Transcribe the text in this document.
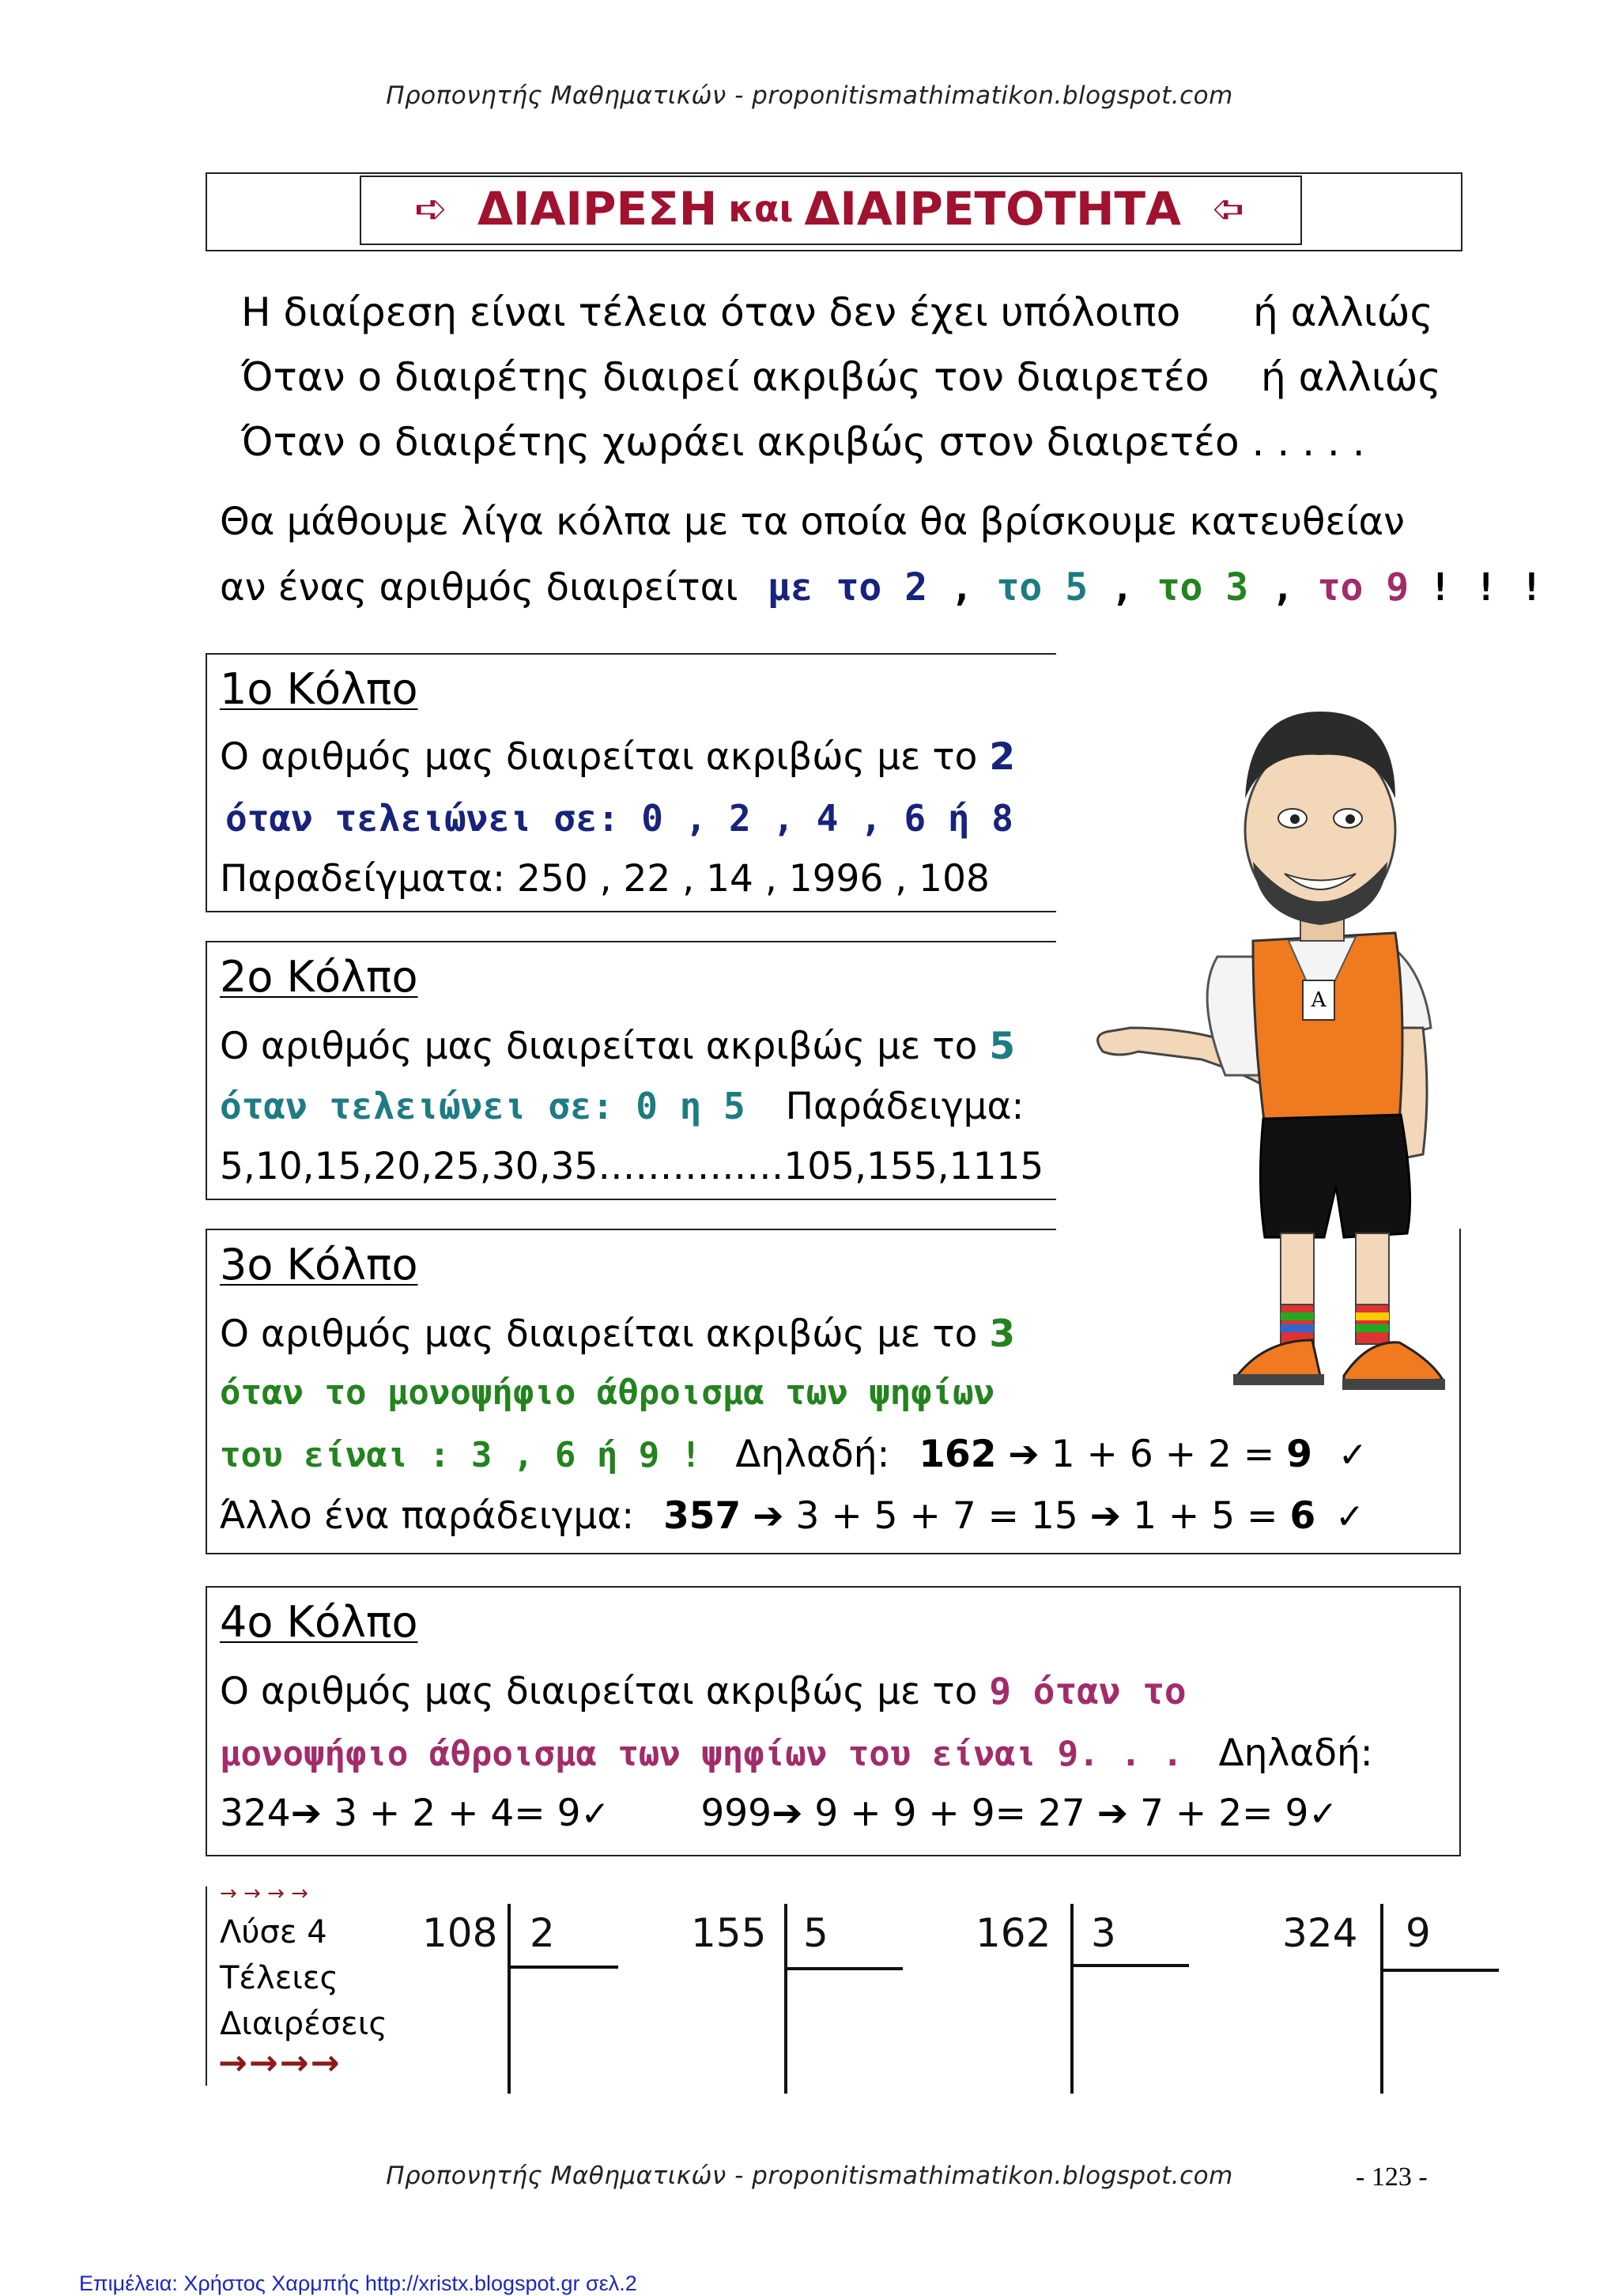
Προπονητής Μαθηματικών - proponitismathimatikon.blogspot.com
➪ ΔΙΑΙΡΕΣΗ και ΔΙΑΙΡΕΤΟΤΗΤΑ ➪
Η διαίρεση είναι τέλεια όταν δεν έχει υπόλοιπο ή αλλιώς
Όταν ο διαιρέτης διαιρεί ακριβώς τον διαιρετέο ή αλλιώς
Όταν ο διαιρέτης χωράει ακριβώς στον διαιρετέο . . . . .
Θα μάθουμε λίγα κόλπα με τα οποία θα βρίσκουμε κατευθείαν
αν ένας αριθμός διαιρείται με το 2 , το 5 , το 3 , το 9 ! ! !
1ο Κόλπο
Ο αριθμός μας διαιρείται ακριβώς με το 2
όταν τελειώνει σε: 0 , 2 , 4 , 6 ή 8
Παραδείγματα: 250 , 22 , 14 , 1996 , 108
2ο Κόλπο
Ο αριθμός μας διαιρείται ακριβώς με το 5
όταν τελειώνει σε: 0 η 5 Παράδειγμα:
5,10,15,20,25,30,35……………105,155,1115
3ο Κόλπο
Ο αριθμός μας διαιρείται ακριβώς με το 3
όταν το μονοψήφιο άθροισμα των ψηφίων
του είναι : 3 , 6 ή 9 ! Δηλαδή: 162 ➔ 1 + 6 + 2 = 9 ✓
Άλλο ένα παράδειγμα: 357 ➔ 3 + 5 + 7 = 15 ➔ 1 + 5 = 6 ✓
4ο Κόλπο
Ο αριθμός μας διαιρείται ακριβώς με το 9 όταν το
μονοψήφιο άθροισμα των ψηφίων του είναι 9. . . Δηλαδή:
324➔ 3 + 2 + 4= 9✓ 999➔ 9 + 9 + 9= 27 ➔ 7 + 2= 9✓
A
→ → → →
Λύσε 4
Τέλειες
Διαιρέσεις
→→→→
108 2	155 5	162 3	324 9
Προπονητής Μαθηματικών - proponitismathimatikon.blogspot.com	- 123 -
Επιμέλεια: Χρήστος Χαρμπής http://xristx.blogspot.gr σελ.2
